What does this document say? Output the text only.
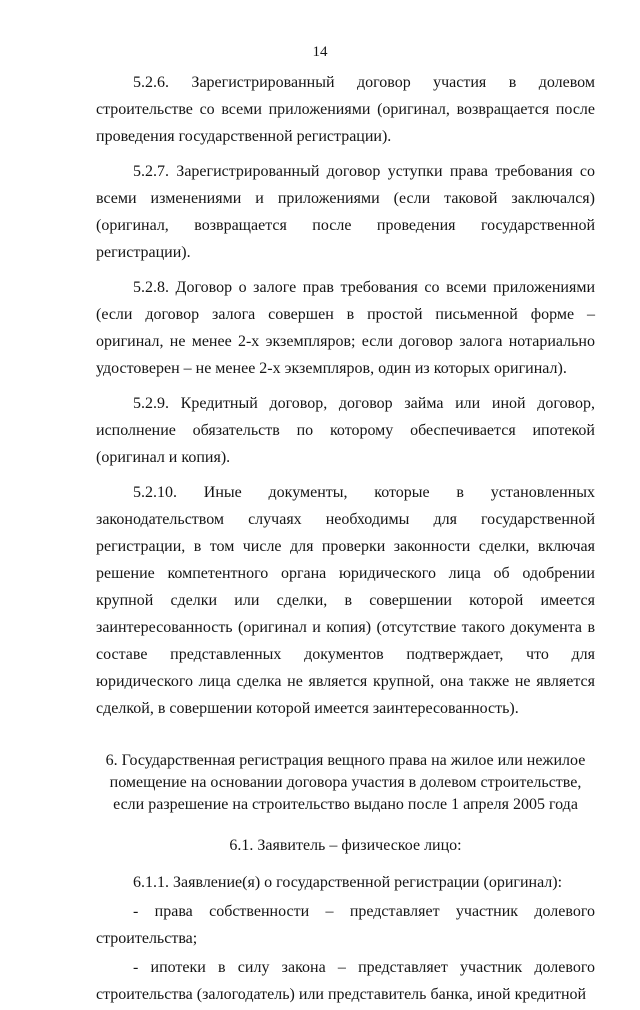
14

5.2.6. Зарегистрированный договор участия в долевом строительстве со всеми приложениями (оригинал, возвращается после проведения государственной регистрации).

5.2.7. Зарегистрированный договор уступки права требования со всеми изменениями и приложениями (если таковой заключался) (оригинал, возвращается после проведения государственной регистрации).

5.2.8. Договор о залоге прав требования со всеми приложениями (если договор залога совершен в простой письменной форме – оригинал, не менее 2-х экземпляров; если договор залога нотариально удостоверен – не менее 2-х экземпляров, один из которых оригинал).

5.2.9. Кредитный договор, договор займа или иной договор, исполнение обязательств по которому обеспечивается ипотекой (оригинал и копия).

5.2.10. Иные документы, которые в установленных законодательством случаях необходимы для государственной регистрации, в том числе для проверки законности сделки, включая решение компетентного органа юридического лица об одобрении крупной сделки или сделки, в совершении которой имеется заинтересованность (оригинал и копия) (отсутствие такого документа в составе представленных документов подтверждает, что для юридического лица сделка не является крупной, она также не является сделкой, в совершении которой имеется заинтересованность).

6. Государственная регистрация вещного права на жилое или нежилое помещение на основании договора участия в долевом строительстве, если разрешение на строительство выдано после 1 апреля 2005 года
6.1. Заявитель – физическое лицо:

6.1.1. Заявление(я) о государственной регистрации (оригинал):

- права собственности – представляет участник долевого строительства;

- ипотеки в силу закона – представляет участник долевого строительства (залогодатель) или представитель банка, иной кредитной
